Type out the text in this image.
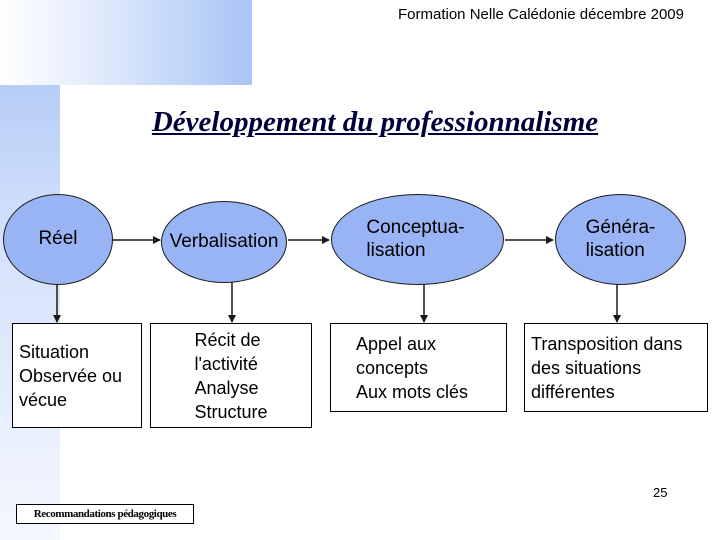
Formation Nelle Calédonie décembre 2009
Développement du professionnalisme
Réel	Verbalisation
Conceptua-
lisation
Généra-
lisation
Situation
Observée ou
vécue
Récit de
l'activité
Analyse
Structure
Appel aux
concepts
Aux mots clés
Transposition dans
des situations
différentes
25
Recommandations pédagogiques
